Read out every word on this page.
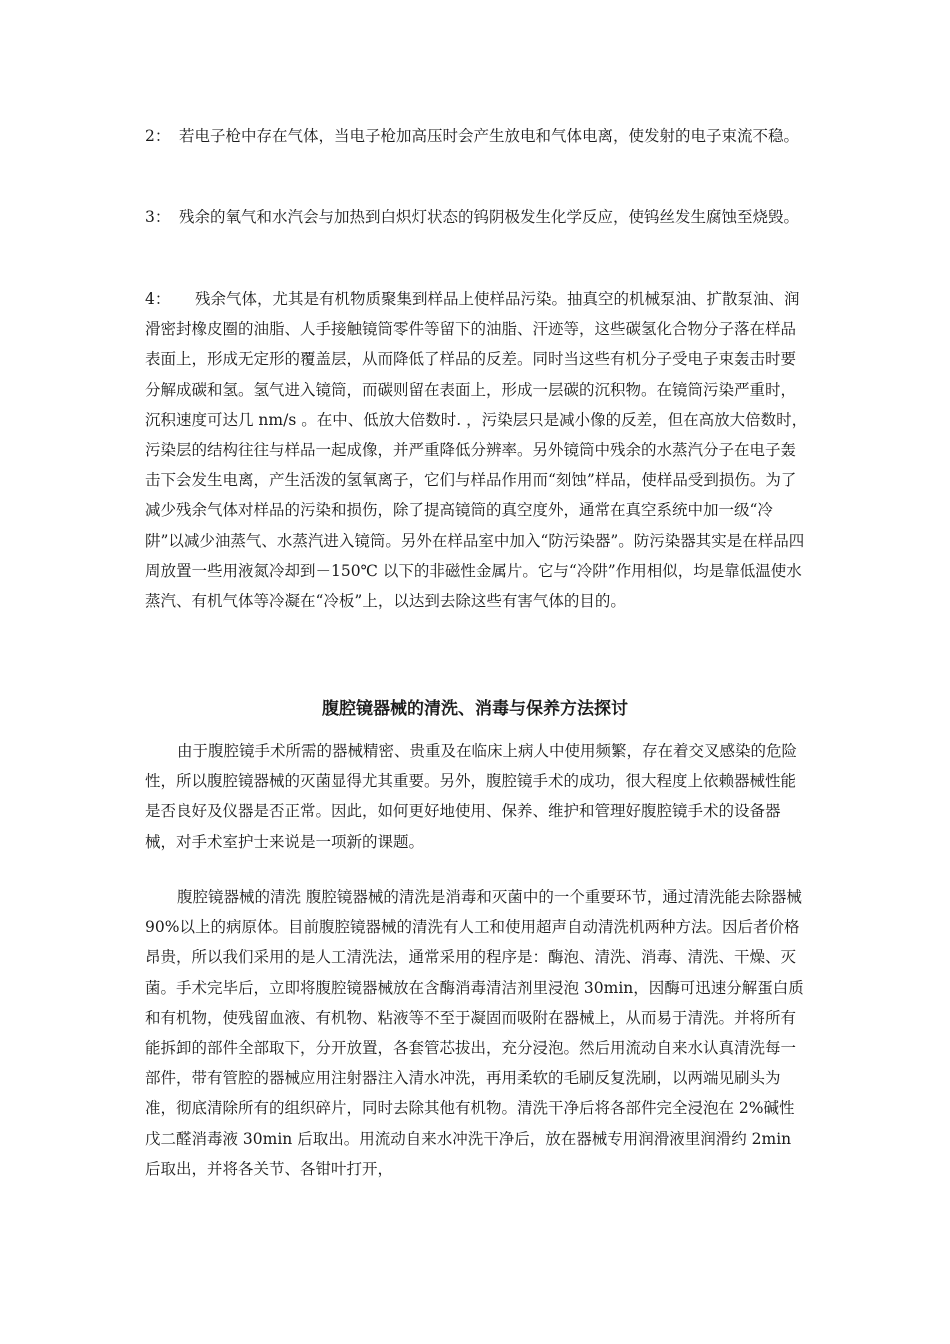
2： 若电子枪中存在气体，当电子枪加高压时会产生放电和气体电离，使发射的电子束流不稳。

3： 残余的氧气和水汽会与加热到白炽灯状态的钨阴极发生化学反应，使钨丝发生腐蚀至烧毁。

4： 残余气体，尤其是有机物质聚集到样品上使样品污染。抽真空的机械泵油、扩散泵油、润滑密封橡皮圈的油脂、人手接触镜筒零件等留下的油脂、汗迹等，这些碳氢化合物分子落在样品表面上，形成无定形的覆盖层，从而降低了样品的反差。同时当这些有机分子受电子束轰击时要分解成碳和氢。氢气进入镜筒，而碳则留在表面上，形成一层碳的沉积物。在镜筒污染严重时，沉积速度可达几 nm/s 。在中、低放大倍数时. ，污染层只是减小像的反差，但在高放大倍数时，污染层的结构往往与样品一起成像，并严重降低分辨率。另外镜筒中残余的水蒸汽分子在电子轰击下会发生电离，产生活泼的氢氧离子，它们与样品作用而“刻蚀”样品，使样品受到损伤。为了减少残余气体对样品的污染和损伤，除了提高镜筒的真空度外，通常在真空系统中加一级“冷阱”以减少油蒸气、水蒸汽进入镜筒。另外在样品室中加入“防污染器”。防污染器其实是在样品四周放置一些用液氮冷却到－150℃ 以下的非磁性金属片。它与“冷阱”作用相似，均是靠低温使水蒸汽、有机气体等冷凝在“冷板”上，以达到去除这些有害气体的目的。

腹腔镜器械的清洗、消毒与保养方法探讨

由于腹腔镜手术所需的器械精密、贵重及在临床上病人中使用频繁，存在着交叉感染的危险性，所以腹腔镜器械的灭菌显得尤其重要。另外，腹腔镜手术的成功，很大程度上依赖器械性能是否良好及仪器是否正常。因此，如何更好地使用、保养、维护和管理好腹腔镜手术的设备器械，对手术室护士来说是一项新的课题。

腹腔镜器械的清洗 腹腔镜器械的清洗是消毒和灭菌中的一个重要环节，通过清洗能去除器械 90%以上的病原体。目前腹腔镜器械的清洗有人工和使用超声自动清洗机两种方法。因后者价格昂贵，所以我们采用的是人工清洗法，通常采用的程序是：酶泡、清洗、消毒、清洗、干燥、灭菌。手术完毕后，立即将腹腔镜器械放在含酶消毒清洁剂里浸泡 30min，因酶可迅速分解蛋白质和有机物，使残留血液、有机物、粘液等不至于凝固而吸附在器械上，从而易于清洗。并将所有能拆卸的部件全部取下，分开放置，各套管芯拔出，充分浸泡。然后用流动自来水认真清洗每一部件，带有管腔的器械应用注射器注入清水冲洗，再用柔软的毛刷反复洗刷，以两端见刷头为准，彻底清除所有的组织碎片，同时去除其他有机物。清洗干净后将各部件完全浸泡在 2%碱性戊二醛消毒液 30min 后取出。用流动自来水冲洗干净后，放在器械专用润滑液里润滑约 2min 后取出，并将各关节、各钳叶打开，
